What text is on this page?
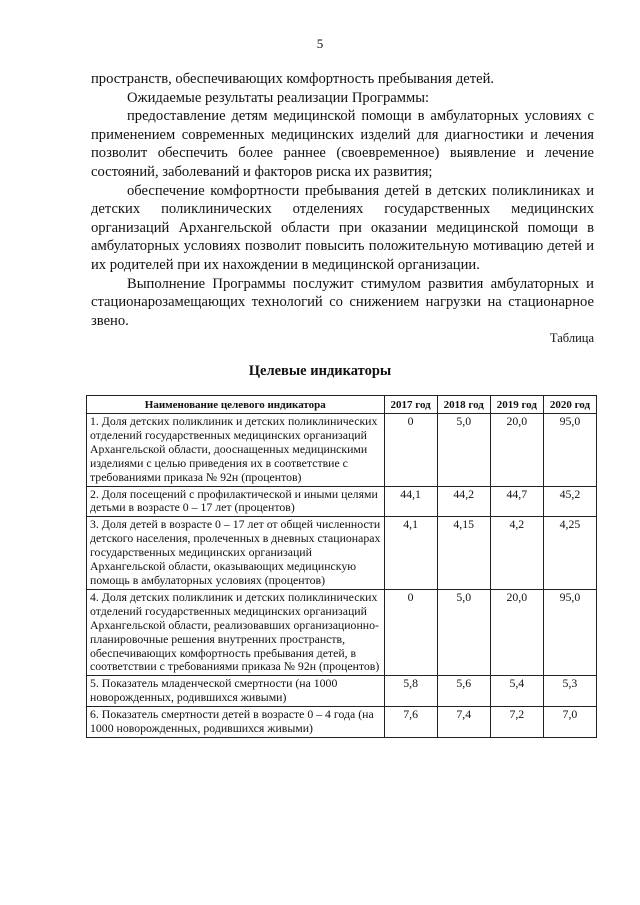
5

пространств, обеспечивающих комфортность пребывания детей.

Ожидаемые результаты реализации Программы:

предоставление детям медицинской помощи в амбулаторных условиях с применением современных медицинских изделий для диагностики и лечения позволит обеспечить более раннее (своевременное) выявление и лечение состояний, заболеваний и факторов риска их развития;

обеспечение комфортности пребывания детей в детских поликлиниках и детских поликлинических отделениях государственных медицинских организаций Архангельской области при оказании медицинской помощи в амбулаторных условиях позволит повысить положительную мотивацию детей и их родителей при их нахождении в медицинской организации.

Выполнение Программы послужит стимулом развития амбулаторных и стационарозамещающих технологий со снижением нагрузки на стационарное звено.

Таблица
Целевые индикаторы
Наименование целевого индикатора	2017 год	2018 год	2019 год	2020 год
1. Доля детских поликлиник и детских поликлинических отделений государственных медицинских организаций Архангельской области, дооснащенных медицинскими изделиями с целью приведения их в соответствие с требованиями приказа № 92н (процентов)	0	5,0	20,0	95,0
2. Доля посещений с профилактической и иными целями детьми в возрасте 0 – 17 лет (процентов)	44,1	44,2	44,7	45,2
3. Доля детей в возрасте 0 – 17 лет от общей численности детского населения, пролеченных в дневных стационарах государственных медицинских организаций Архангельской области, оказывающих медицинскую помощь в амбулаторных условиях (процентов)	4,1	4,15	4,2	4,25
4. Доля детских поликлиник и детских поликлинических отделений государственных медицинских организаций Архангельской области, реализовавших организационно-планировочные решения внутренних пространств, обеспечивающих комфортность пребывания детей, в соответствии с требованиями приказа № 92н (процентов)	0	5,0	20,0	95,0
5. Показатель младенческой смертности (на 1000 новорожденных, родившихся живыми)	5,8	5,6	5,4	5,3
6. Показатель смертности детей в возрасте 0 – 4 года (на 1000 новорожденных, родившихся живыми)	7,6	7,4	7,2	7,0
